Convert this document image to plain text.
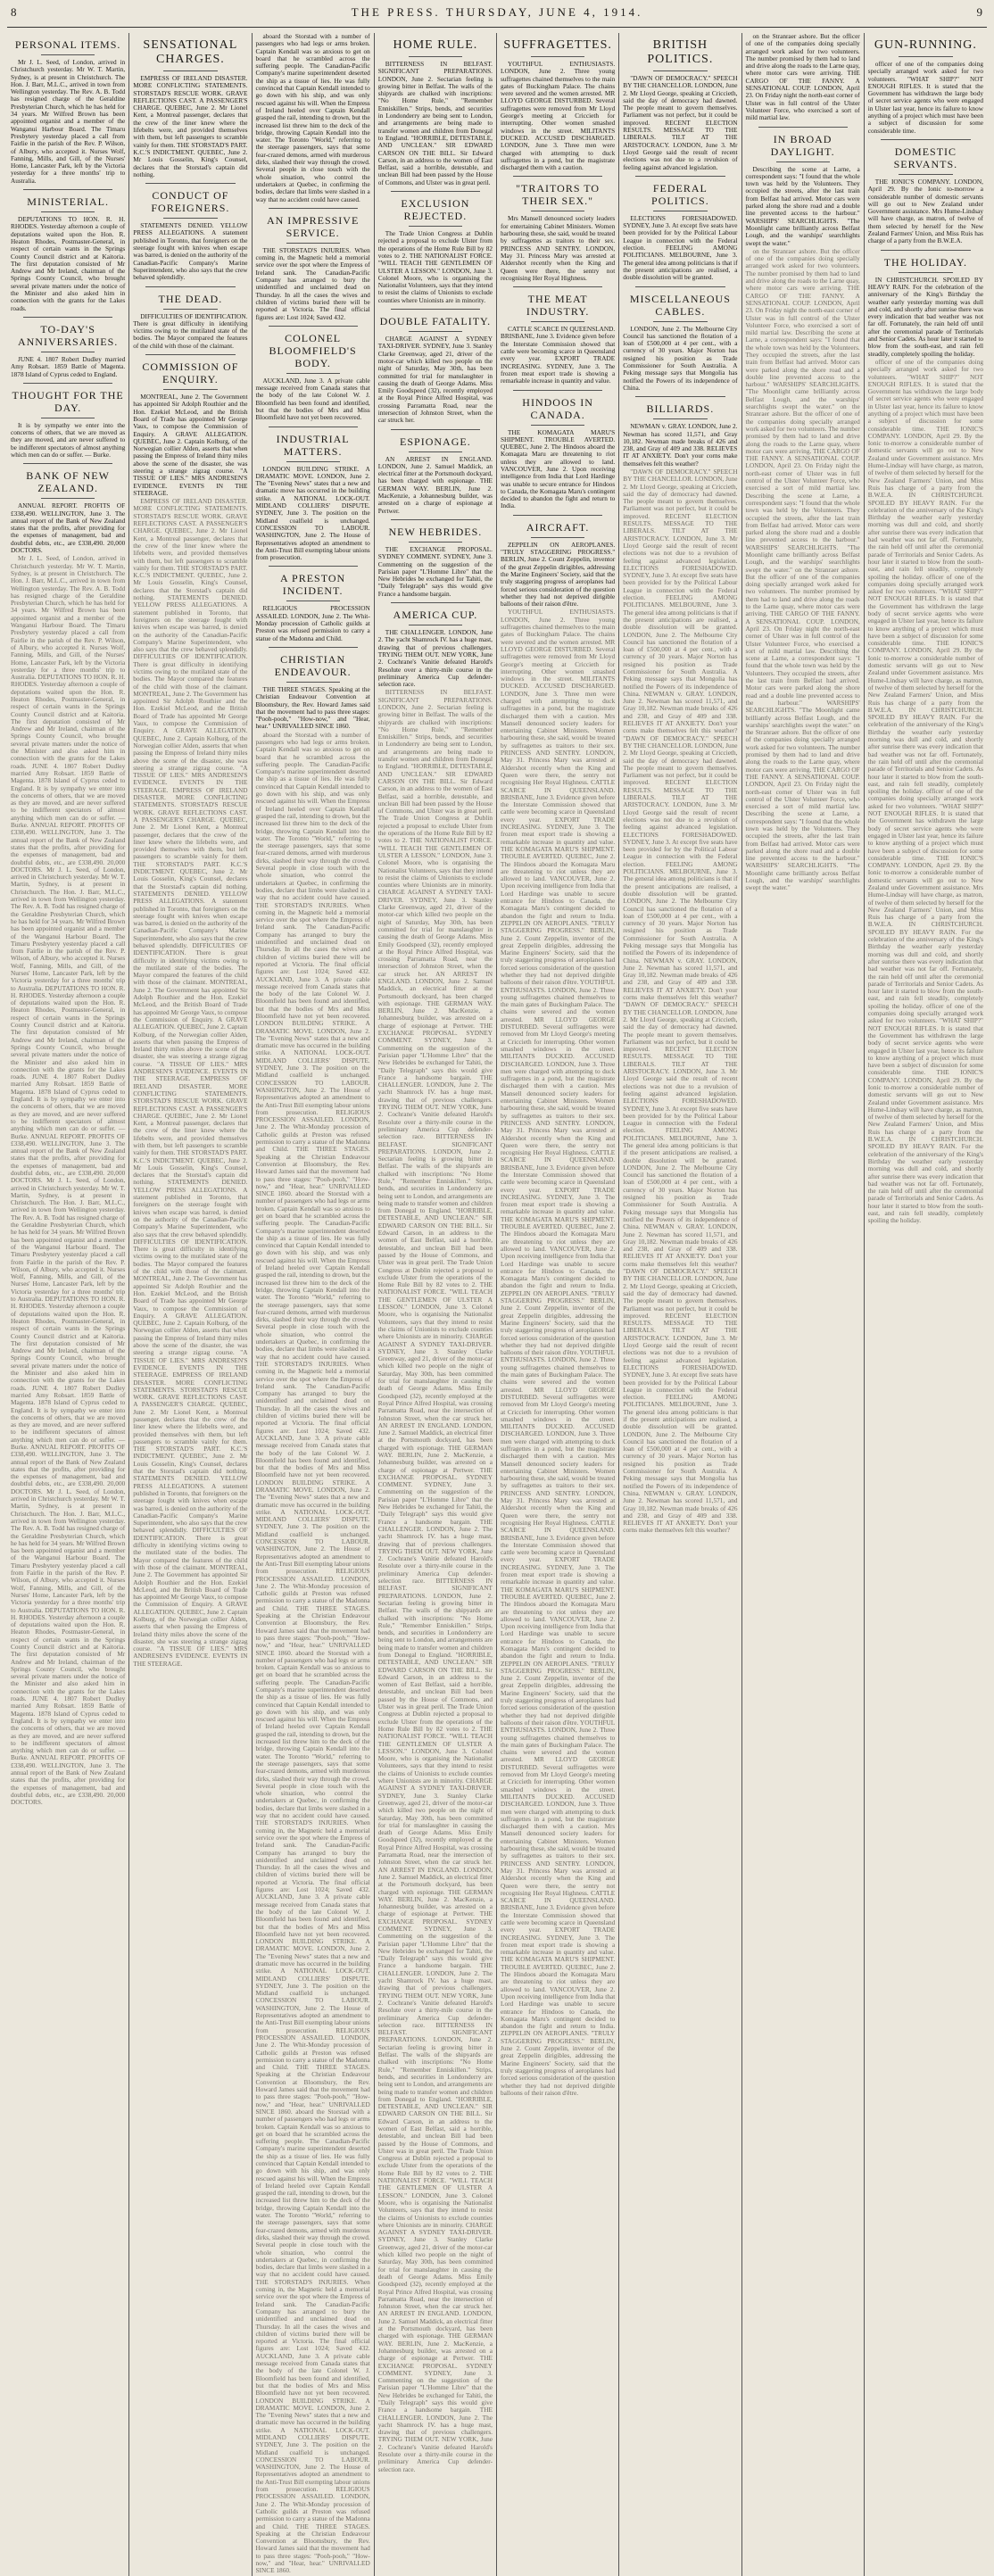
8	THE PRESS. THURSDAY, JUNE 4, 1914.	9
PERSONAL ITEMS.

Mr J. L. Seed, of London, arrived in Christchurch yesterday. Mr W. T. Martin, Sydney, is at present in Christchurch. The Hon. J. Barr, M.L.C., arrived in town from Wellington yesterday. The Rev. A. B. Todd has resigned charge of the Geraldine Presbyterian Church, which he has held for 34 years. Mr Wilfred Brown has been appointed organist and a member of the Wanganui Harbour Board. The Timaru Presbytery yesterday placed a call from Fairlie in the parish of the Rev. P. Wilson, of Albury, who accepted it. Nurses Wolf, Fanning, Mills, and Gill, of the Nurses' Home, Lancaster Park, left by the Victoria yesterday for a three months' trip to Australia.

MINISTERIAL.

DEPUTATIONS TO HON. R. H. RHODES. Yesterday afternoon a couple of deputations waited upon the Hon. R. Heaton Rhodes, Postmaster-General, in respect of certain wants in the Springs County Council district and at Kaitoria. The first deputation consisted of Mr Andrew and Mr Ireland, chairman of the Springs County Council, who brought several private matters under the notice of the Minister and also asked him in connection with the grants for the Lakes roads.

TO-DAY'S ANNIVERSARIES.

JUNE 4. 1807 Robert Dudley married Amy Robsart. 1859 Battle of Magenta. 1878 Island of Cyprus ceded to England.

THOUGHT FOR THE DAY.

It is by sympathy we enter into the concerns of others, that we are moved as they are moved, and are never suffered to be indifferent spectators of almost anything which men can do or suffer. — Burke.

BANK OF NEW ZEALAND.

ANNUAL REPORT. PROFITS OF £338,490. WELLINGTON, June 3. The annual report of the Bank of New Zealand states that the profits, after providing for the expenses of management, bad and doubtful debts, etc., are £338,490. 20,000 DOCTORS.

Mr J. L. Seed, of London, arrived in Christchurch yesterday. Mr W. T. Martin, Sydney, is at present in Christchurch. The Hon. J. Barr, M.L.C., arrived in town from Wellington yesterday. The Rev. A. B. Todd has resigned charge of the Geraldine Presbyterian Church, which he has held for 34 years. Mr Wilfred Brown has been appointed organist and a member of the Wanganui Harbour Board. The Timaru Presbytery yesterday placed a call from Fairlie in the parish of the Rev. P. Wilson, of Albury, who accepted it. Nurses Wolf, Fanning, Mills, and Gill, of the Nurses' Home, Lancaster Park, left by the Victoria yesterday for a three months' trip to Australia. DEPUTATIONS TO HON. R. H. RHODES. Yesterday afternoon a couple of deputations waited upon the Hon. R. Heaton Rhodes, Postmaster-General, in respect of certain wants in the Springs County Council district and at Kaitoria. The first deputation consisted of Mr Andrew and Mr Ireland, chairman of the Springs County Council, who brought several private matters under the notice of the Minister and also asked him in connection with the grants for the Lakes roads. JUNE 4. 1807 Robert Dudley married Amy Robsart. 1859 Battle of Magenta. 1878 Island of Cyprus ceded to England. It is by sympathy we enter into the concerns of others, that we are moved as they are moved, and are never suffered to be indifferent spectators of almost anything which men can do or suffer. — Burke. ANNUAL REPORT. PROFITS OF £338,490. WELLINGTON, June 3. The annual report of the Bank of New Zealand states that the profits, after providing for the expenses of management, bad and doubtful debts, etc., are £338,490. 20,000 DOCTORS. Mr J. L. Seed, of London, arrived in Christchurch yesterday. Mr W. T. Martin, Sydney, is at present in Christchurch. The Hon. J. Barr, M.L.C., arrived in town from Wellington yesterday. The Rev. A. B. Todd has resigned charge of the Geraldine Presbyterian Church, which he has held for 34 years. Mr Wilfred Brown has been appointed organist and a member of the Wanganui Harbour Board. The Timaru Presbytery yesterday placed a call from Fairlie in the parish of the Rev. P. Wilson, of Albury, who accepted it. Nurses Wolf, Fanning, Mills, and Gill, of the Nurses' Home, Lancaster Park, left by the Victoria yesterday for a three months' trip to Australia. DEPUTATIONS TO HON. R. H. RHODES. Yesterday afternoon a couple of deputations waited upon the Hon. R. Heaton Rhodes, Postmaster-General, in respect of certain wants in the Springs County Council district and at Kaitoria. The first deputation consisted of Mr Andrew and Mr Ireland, chairman of the Springs County Council, who brought several private matters under the notice of the Minister and also asked him in connection with the grants for the Lakes roads. JUNE 4. 1807 Robert Dudley married Amy Robsart. 1859 Battle of Magenta. 1878 Island of Cyprus ceded to England. It is by sympathy we enter into the concerns of others, that we are moved as they are moved, and are never suffered to be indifferent spectators of almost anything which men can do or suffer. — Burke. ANNUAL REPORT. PROFITS OF £338,490. WELLINGTON, June 3. The annual report of the Bank of New Zealand states that the profits, after providing for the expenses of management, bad and doubtful debts, etc., are £338,490. 20,000 DOCTORS. Mr J. L. Seed, of London, arrived in Christchurch yesterday. Mr W. T. Martin, Sydney, is at present in Christchurch. The Hon. J. Barr, M.L.C., arrived in town from Wellington yesterday. The Rev. A. B. Todd has resigned charge of the Geraldine Presbyterian Church, which he has held for 34 years. Mr Wilfred Brown has been appointed organist and a member of the Wanganui Harbour Board. The Timaru Presbytery yesterday placed a call from Fairlie in the parish of the Rev. P. Wilson, of Albury, who accepted it. Nurses Wolf, Fanning, Mills, and Gill, of the Nurses' Home, Lancaster Park, left by the Victoria yesterday for a three months' trip to Australia. DEPUTATIONS TO HON. R. H. RHODES. Yesterday afternoon a couple of deputations waited upon the Hon. R. Heaton Rhodes, Postmaster-General, in respect of certain wants in the Springs County Council district and at Kaitoria. The first deputation consisted of Mr Andrew and Mr Ireland, chairman of the Springs County Council, who brought several private matters under the notice of the Minister and also asked him in connection with the grants for the Lakes roads. JUNE 4. 1807 Robert Dudley married Amy Robsart. 1859 Battle of Magenta. 1878 Island of Cyprus ceded to England. It is by sympathy we enter into the concerns of others, that we are moved as they are moved, and are never suffered to be indifferent spectators of almost anything which men can do or suffer. — Burke. ANNUAL REPORT. PROFITS OF £338,490. WELLINGTON, June 3. The annual report of the Bank of New Zealand states that the profits, after providing for the expenses of management, bad and doubtful debts, etc., are £338,490. 20,000 DOCTORS. Mr J. L. Seed, of London, arrived in Christchurch yesterday. Mr W. T. Martin, Sydney, is at present in Christchurch. The Hon. J. Barr, M.L.C., arrived in town from Wellington yesterday. The Rev. A. B. Todd has resigned charge of the Geraldine Presbyterian Church, which he has held for 34 years. Mr Wilfred Brown has been appointed organist and a member of the Wanganui Harbour Board. The Timaru Presbytery yesterday placed a call from Fairlie in the parish of the Rev. P. Wilson, of Albury, who accepted it. Nurses Wolf, Fanning, Mills, and Gill, of the Nurses' Home, Lancaster Park, left by the Victoria yesterday for a three months' trip to Australia. DEPUTATIONS TO HON. R. H. RHODES. Yesterday afternoon a couple of deputations waited upon the Hon. R. Heaton Rhodes, Postmaster-General, in respect of certain wants in the Springs County Council district and at Kaitoria. The first deputation consisted of Mr Andrew and Mr Ireland, chairman of the Springs County Council, who brought several private matters under the notice of the Minister and also asked him in connection with the grants for the Lakes roads. JUNE 4. 1807 Robert Dudley married Amy Robsart. 1859 Battle of Magenta. 1878 Island of Cyprus ceded to England. It is by sympathy we enter into the concerns of others, that we are moved as they are moved, and are never suffered to be indifferent spectators of almost anything which men can do or suffer. — Burke. ANNUAL REPORT. PROFITS OF £338,490. WELLINGTON, June 3. The annual report of the Bank of New Zealand states that the profits, after providing for the expenses of management, bad and doubtful debts, etc., are £338,490. 20,000 DOCTORS.
SENSATIONAL CHARGES.

EMPRESS OF IRELAND DISASTER. MORE CONFLICTING STATEMENTS. STORSTAD'S RESCUE WORK. GRAVE REFLECTIONS CAST. A PASSENGER'S CHARGE. QUEBEC, June 2. Mr Lionel Kent, a Montreal passenger, declares that the crew of the liner knew where the lifebelts were, and provided themselves with them, but left passengers to scramble vainly for them. THE STORSTAD'S PART. K.C.'S INDICTMENT. QUEBEC, June 2. Mr Louis Gosselin, King's Counsel, declares that the Storstad's captain did nothing.

CONDUCT OF FOREIGNERS.

STATEMENTS DENIED. YELLOW PRESS ALLEGATIONS. A statement published in Toronto, that foreigners on the steerage fought with knives when escape was barred, is denied on the authority of the Canadian-Pacific Company's Marine Superintendent, who also says that the crew behaved splendidly.

THE DEAD.

DIFFICULTIES OF IDENTIFICATION. There is great difficulty in identifying victims owing to the mutilated state of the bodies. The Mayor compared the features of the child with those of the claimant.

COMMISSION OF ENQUIRY.

MONTREAL, June 2. The Government has appointed Sir Adolph Routhier and the Hon. Ezekiel McLeod, and the British Board of Trade has appointed Mr George Vaux, to compose the Commission of Enquiry. A GRAVE ALLEGATION. QUEBEC, June 2. Captain Kolburg, of the Norwegian collier Alden, asserts that when passing the Empress of Ireland thirty miles above the scene of the disaster, she was steering a strange zigzag course. "A TISSUE OF LIES." MRS ANDRESEN'S EVIDENCE. EVENTS IN THE STEERAGE.

EMPRESS OF IRELAND DISASTER. MORE CONFLICTING STATEMENTS. STORSTAD'S RESCUE WORK. GRAVE REFLECTIONS CAST. A PASSENGER'S CHARGE. QUEBEC, June 2. Mr Lionel Kent, a Montreal passenger, declares that the crew of the liner knew where the lifebelts were, and provided themselves with them, but left passengers to scramble vainly for them. THE STORSTAD'S PART. K.C.'S INDICTMENT. QUEBEC, June 2. Mr Louis Gosselin, King's Counsel, declares that the Storstad's captain did nothing. STATEMENTS DENIED. YELLOW PRESS ALLEGATIONS. A statement published in Toronto, that foreigners on the steerage fought with knives when escape was barred, is denied on the authority of the Canadian-Pacific Company's Marine Superintendent, who also says that the crew behaved splendidly. DIFFICULTIES OF IDENTIFICATION. There is great difficulty in identifying victims owing to the mutilated state of the bodies. The Mayor compared the features of the child with those of the claimant. MONTREAL, June 2. The Government has appointed Sir Adolph Routhier and the Hon. Ezekiel McLeod, and the British Board of Trade has appointed Mr George Vaux, to compose the Commission of Enquiry. A GRAVE ALLEGATION. QUEBEC, June 2. Captain Kolburg, of the Norwegian collier Alden, asserts that when passing the Empress of Ireland thirty miles above the scene of the disaster, she was steering a strange zigzag course. "A TISSUE OF LIES." MRS ANDRESEN'S EVIDENCE. EVENTS IN THE STEERAGE. EMPRESS OF IRELAND DISASTER. MORE CONFLICTING STATEMENTS. STORSTAD'S RESCUE WORK. GRAVE REFLECTIONS CAST. A PASSENGER'S CHARGE. QUEBEC, June 2. Mr Lionel Kent, a Montreal passenger, declares that the crew of the liner knew where the lifebelts were, and provided themselves with them, but left passengers to scramble vainly for them. THE STORSTAD'S PART. K.C.'S INDICTMENT. QUEBEC, June 2. Mr Louis Gosselin, King's Counsel, declares that the Storstad's captain did nothing. STATEMENTS DENIED. YELLOW PRESS ALLEGATIONS. A statement published in Toronto, that foreigners on the steerage fought with knives when escape was barred, is denied on the authority of the Canadian-Pacific Company's Marine Superintendent, who also says that the crew behaved splendidly. DIFFICULTIES OF IDENTIFICATION. There is great difficulty in identifying victims owing to the mutilated state of the bodies. The Mayor compared the features of the child with those of the claimant. MONTREAL, June 2. The Government has appointed Sir Adolph Routhier and the Hon. Ezekiel McLeod, and the British Board of Trade has appointed Mr George Vaux, to compose the Commission of Enquiry. A GRAVE ALLEGATION. QUEBEC, June 2. Captain Kolburg, of the Norwegian collier Alden, asserts that when passing the Empress of Ireland thirty miles above the scene of the disaster, she was steering a strange zigzag course. "A TISSUE OF LIES." MRS ANDRESEN'S EVIDENCE. EVENTS IN THE STEERAGE. EMPRESS OF IRELAND DISASTER. MORE CONFLICTING STATEMENTS. STORSTAD'S RESCUE WORK. GRAVE REFLECTIONS CAST. A PASSENGER'S CHARGE. QUEBEC, June 2. Mr Lionel Kent, a Montreal passenger, declares that the crew of the liner knew where the lifebelts were, and provided themselves with them, but left passengers to scramble vainly for them. THE STORSTAD'S PART. K.C.'S INDICTMENT. QUEBEC, June 2. Mr Louis Gosselin, King's Counsel, declares that the Storstad's captain did nothing. STATEMENTS DENIED. YELLOW PRESS ALLEGATIONS. A statement published in Toronto, that foreigners on the steerage fought with knives when escape was barred, is denied on the authority of the Canadian-Pacific Company's Marine Superintendent, who also says that the crew behaved splendidly. DIFFICULTIES OF IDENTIFICATION. There is great difficulty in identifying victims owing to the mutilated state of the bodies. The Mayor compared the features of the child with those of the claimant. MONTREAL, June 2. The Government has appointed Sir Adolph Routhier and the Hon. Ezekiel McLeod, and the British Board of Trade has appointed Mr George Vaux, to compose the Commission of Enquiry. A GRAVE ALLEGATION. QUEBEC, June 2. Captain Kolburg, of the Norwegian collier Alden, asserts that when passing the Empress of Ireland thirty miles above the scene of the disaster, she was steering a strange zigzag course. "A TISSUE OF LIES." MRS ANDRESEN'S EVIDENCE. EVENTS IN THE STEERAGE. EMPRESS OF IRELAND DISASTER. MORE CONFLICTING STATEMENTS. STORSTAD'S RESCUE WORK. GRAVE REFLECTIONS CAST. A PASSENGER'S CHARGE. QUEBEC, June 2. Mr Lionel Kent, a Montreal passenger, declares that the crew of the liner knew where the lifebelts were, and provided themselves with them, but left passengers to scramble vainly for them. THE STORSTAD'S PART. K.C.'S INDICTMENT. QUEBEC, June 2. Mr Louis Gosselin, King's Counsel, declares that the Storstad's captain did nothing. STATEMENTS DENIED. YELLOW PRESS ALLEGATIONS. A statement published in Toronto, that foreigners on the steerage fought with knives when escape was barred, is denied on the authority of the Canadian-Pacific Company's Marine Superintendent, who also says that the crew behaved splendidly. DIFFICULTIES OF IDENTIFICATION. There is great difficulty in identifying victims owing to the mutilated state of the bodies. The Mayor compared the features of the child with those of the claimant. MONTREAL, June 2. The Government has appointed Sir Adolph Routhier and the Hon. Ezekiel McLeod, and the British Board of Trade has appointed Mr George Vaux, to compose the Commission of Enquiry. A GRAVE ALLEGATION. QUEBEC, June 2. Captain Kolburg, of the Norwegian collier Alden, asserts that when passing the Empress of Ireland thirty miles above the scene of the disaster, she was steering a strange zigzag course. "A TISSUE OF LIES." MRS ANDRESEN'S EVIDENCE. EVENTS IN THE STEERAGE.

aboard the Storstad with a number of passengers who had legs or arms broken. Captain Kendall was so anxious to get on board that he scrambled across the suffering people. The Canadian-Pacific Company's marine superintendent deserted the ship as a tissue of lies. He was fully convinced that Captain Kendall intended to go down with his ship, and was only rescued against his will. When the Empress of Ireland heeled over Captain Kendall grasped the rail, intending to drown, but the increased list threw him to the deck of the bridge, throwing Captain Kendall into the water. The Toronto "World," referring to the steerage passengers, says that some fear-crazed demons, armed with murderous dirks, slashed their way through the crowd. Several people in close touch with the whole situation, who control the undertakers at Quebec, in confirming the bodies, declare that limbs were slashed in a way that no accident could have caused.

AN IMPRESSIVE SERVICE.

THE STORSTAD'S INJURIES. When coming in, the Magnetic held a memorial service over the spot where the Empress of Ireland sank. The Canadian-Pacific Company has arranged to bury the unidentified and unclaimed dead on Thursday. In all the cases the wives and children of victims buried there will be reported at Victoria. The final official figures are: Lost 1024; Saved 432.

COLONEL BLOOMFIELD'S BODY.

AUCKLAND, June 3. A private cable message received from Canada states that the body of the late Colonel W. J. Bloomfield has been found and identified, but that the bodies of Mrs and Miss Bloomfield have not yet been recovered.

INDUSTRIAL MATTERS.

LONDON BUILDING STRIKE. A DRAMATIC MOVE. LONDON, June 2. The "Evening News" states that a new and dramatic move has occurred in the building strike. A NATIONAL LOCK-OUT. MIDLAND COLLIERS' DISPUTE. SYDNEY, June 3. The position on the Midland coalfield is unchanged. CONCESSION TO LABOUR. WASHINGTON, June 2. The House of Representatives adopted an amendment to the Anti-Trust Bill exempting labour unions from prosecution.

A PRESTON INCIDENT.

RELIGIOUS PROCESSION ASSAILED. LONDON, June 2. The Whit-Monday procession of Catholic guilds at Preston was refused permission to carry a statue of the Madonna and Child.

CHRISTIAN ENDEAVOUR.

THE THREE STAGES. Speaking at the Christian Endeavour Convention at Bloomsbury, the Rev. Howard James said that the movement had to pass three stages: "Pooh-pooh," "How-now," and "Hear, hear." UNRIVALLED SINCE 1860.

aboard the Storstad with a number of passengers who had legs or arms broken. Captain Kendall was so anxious to get on board that he scrambled across the suffering people. The Canadian-Pacific Company's marine superintendent deserted the ship as a tissue of lies. He was fully convinced that Captain Kendall intended to go down with his ship, and was only rescued against his will. When the Empress of Ireland heeled over Captain Kendall grasped the rail, intending to drown, but the increased list threw him to the deck of the bridge, throwing Captain Kendall into the water. The Toronto "World," referring to the steerage passengers, says that some fear-crazed demons, armed with murderous dirks, slashed their way through the crowd. Several people in close touch with the whole situation, who control the undertakers at Quebec, in confirming the bodies, declare that limbs were slashed in a way that no accident could have caused. THE STORSTAD'S INJURIES. When coming in, the Magnetic held a memorial service over the spot where the Empress of Ireland sank. The Canadian-Pacific Company has arranged to bury the unidentified and unclaimed dead on Thursday. In all the cases the wives and children of victims buried there will be reported at Victoria. The final official figures are: Lost 1024; Saved 432. AUCKLAND, June 3. A private cable message received from Canada states that the body of the late Colonel W. J. Bloomfield has been found and identified, but that the bodies of Mrs and Miss Bloomfield have not yet been recovered. LONDON BUILDING STRIKE. A DRAMATIC MOVE. LONDON, June 2. The "Evening News" states that a new and dramatic move has occurred in the building strike. A NATIONAL LOCK-OUT. MIDLAND COLLIERS' DISPUTE. SYDNEY, June 3. The position on the Midland coalfield is unchanged. CONCESSION TO LABOUR. WASHINGTON, June 2. The House of Representatives adopted an amendment to the Anti-Trust Bill exempting labour unions from prosecution. RELIGIOUS PROCESSION ASSAILED. LONDON, June 2. The Whit-Monday procession of Catholic guilds at Preston was refused permission to carry a statue of the Madonna and Child. THE THREE STAGES. Speaking at the Christian Endeavour Convention at Bloomsbury, the Rev. Howard James said that the movement had to pass three stages: "Pooh-pooh," "How-now," and "Hear, hear." UNRIVALLED SINCE 1860. aboard the Storstad with a number of passengers who had legs or arms broken. Captain Kendall was so anxious to get on board that he scrambled across the suffering people. The Canadian-Pacific Company's marine superintendent deserted the ship as a tissue of lies. He was fully convinced that Captain Kendall intended to go down with his ship, and was only rescued against his will. When the Empress of Ireland heeled over Captain Kendall grasped the rail, intending to drown, but the increased list threw him to the deck of the bridge, throwing Captain Kendall into the water. The Toronto "World," referring to the steerage passengers, says that some fear-crazed demons, armed with murderous dirks, slashed their way through the crowd. Several people in close touch with the whole situation, who control the undertakers at Quebec, in confirming the bodies, declare that limbs were slashed in a way that no accident could have caused. THE STORSTAD'S INJURIES. When coming in, the Magnetic held a memorial service over the spot where the Empress of Ireland sank. The Canadian-Pacific Company has arranged to bury the unidentified and unclaimed dead on Thursday. In all the cases the wives and children of victims buried there will be reported at Victoria. The final official figures are: Lost 1024; Saved 432. AUCKLAND, June 3. A private cable message received from Canada states that the body of the late Colonel W. J. Bloomfield has been found and identified, but that the bodies of Mrs and Miss Bloomfield have not yet been recovered. LONDON BUILDING STRIKE. A DRAMATIC MOVE. LONDON, June 2. The "Evening News" states that a new and dramatic move has occurred in the building strike. A NATIONAL LOCK-OUT. MIDLAND COLLIERS' DISPUTE. SYDNEY, June 3. The position on the Midland coalfield is unchanged. CONCESSION TO LABOUR. WASHINGTON, June 2. The House of Representatives adopted an amendment to the Anti-Trust Bill exempting labour unions from prosecution. RELIGIOUS PROCESSION ASSAILED. LONDON, June 2. The Whit-Monday procession of Catholic guilds at Preston was refused permission to carry a statue of the Madonna and Child. THE THREE STAGES. Speaking at the Christian Endeavour Convention at Bloomsbury, the Rev. Howard James said that the movement had to pass three stages: "Pooh-pooh," "How-now," and "Hear, hear." UNRIVALLED SINCE 1860. aboard the Storstad with a number of passengers who had legs or arms broken. Captain Kendall was so anxious to get on board that he scrambled across the suffering people. The Canadian-Pacific Company's marine superintendent deserted the ship as a tissue of lies. He was fully convinced that Captain Kendall intended to go down with his ship, and was only rescued against his will. When the Empress of Ireland heeled over Captain Kendall grasped the rail, intending to drown, but the increased list threw him to the deck of the bridge, throwing Captain Kendall into the water. The Toronto "World," referring to the steerage passengers, says that some fear-crazed demons, armed with murderous dirks, slashed their way through the crowd. Several people in close touch with the whole situation, who control the undertakers at Quebec, in confirming the bodies, declare that limbs were slashed in a way that no accident could have caused. THE STORSTAD'S INJURIES. When coming in, the Magnetic held a memorial service over the spot where the Empress of Ireland sank. The Canadian-Pacific Company has arranged to bury the unidentified and unclaimed dead on Thursday. In all the cases the wives and children of victims buried there will be reported at Victoria. The final official figures are: Lost 1024; Saved 432. AUCKLAND, June 3. A private cable message received from Canada states that the body of the late Colonel W. J. Bloomfield has been found and identified, but that the bodies of Mrs and Miss Bloomfield have not yet been recovered. LONDON BUILDING STRIKE. A DRAMATIC MOVE. LONDON, June 2. The "Evening News" states that a new and dramatic move has occurred in the building strike. A NATIONAL LOCK-OUT. MIDLAND COLLIERS' DISPUTE. SYDNEY, June 3. The position on the Midland coalfield is unchanged. CONCESSION TO LABOUR. WASHINGTON, June 2. The House of Representatives adopted an amendment to the Anti-Trust Bill exempting labour unions from prosecution. RELIGIOUS PROCESSION ASSAILED. LONDON, June 2. The Whit-Monday procession of Catholic guilds at Preston was refused permission to carry a statue of the Madonna and Child. THE THREE STAGES. Speaking at the Christian Endeavour Convention at Bloomsbury, the Rev. Howard James said that the movement had to pass three stages: "Pooh-pooh," "How-now," and "Hear, hear." UNRIVALLED SINCE 1860. aboard the Storstad with a number of passengers who had legs or arms broken. Captain Kendall was so anxious to get on board that he scrambled across the suffering people. The Canadian-Pacific Company's marine superintendent deserted the ship as a tissue of lies. He was fully convinced that Captain Kendall intended to go down with his ship, and was only rescued against his will. When the Empress of Ireland heeled over Captain Kendall grasped the rail, intending to drown, but the increased list threw him to the deck of the bridge, throwing Captain Kendall into the water. The Toronto "World," referring to the steerage passengers, says that some fear-crazed demons, armed with murderous dirks, slashed their way through the crowd. Several people in close touch with the whole situation, who control the undertakers at Quebec, in confirming the bodies, declare that limbs were slashed in a way that no accident could have caused. THE STORSTAD'S INJURIES. When coming in, the Magnetic held a memorial service over the spot where the Empress of Ireland sank. The Canadian-Pacific Company has arranged to bury the unidentified and unclaimed dead on Thursday. In all the cases the wives and children of victims buried there will be reported at Victoria. The final official figures are: Lost 1024; Saved 432. AUCKLAND, June 3. A private cable message received from Canada states that the body of the late Colonel W. J. Bloomfield has been found and identified, but that the bodies of Mrs and Miss Bloomfield have not yet been recovered. LONDON BUILDING STRIKE. A DRAMATIC MOVE. LONDON, June 2. The "Evening News" states that a new and dramatic move has occurred in the building strike. A NATIONAL LOCK-OUT. MIDLAND COLLIERS' DISPUTE. SYDNEY, June 3. The position on the Midland coalfield is unchanged. CONCESSION TO LABOUR. WASHINGTON, June 2. The House of Representatives adopted an amendment to the Anti-Trust Bill exempting labour unions from prosecution. RELIGIOUS PROCESSION ASSAILED. LONDON, June 2. The Whit-Monday procession of Catholic guilds at Preston was refused permission to carry a statue of the Madonna and Child. THE THREE STAGES. Speaking at the Christian Endeavour Convention at Bloomsbury, the Rev. Howard James said that the movement had to pass three stages: "Pooh-pooh," "How-now," and "Hear, hear." UNRIVALLED SINCE 1860.
HOME RULE.

BITTERNESS IN BELFAST. SIGNIFICANT PREPARATIONS. LONDON, June 2. Sectarian feeling is growing bitter in Belfast. The walls of the shipyards are chalked with inscriptions: "No Home Rule," "Remember Enniskillen." Strips, bends, and securities in Londonderry are being sent to London, and arrangements are being made to transfer women and children from Donegal to England. "HORRIBLE, DETESTABLE, AND UNCLEAN." SIR EDWARD CARSON ON THE BILL. Sir Edward Carson, in an address to the women of East Belfast, said a horrible, detestable, and unclean Bill had been passed by the House of Commons, and Ulster was in great peril.

EXCLUSION REJECTED.

The Trade Union Congress at Dublin rejected a proposal to exclude Ulster from the operations of the Home Rule Bill by 82 votes to 2. THE NATIONALIST FORCE. "WILL TEACH THE GENTLEMEN OF ULSTER A LESSON." LONDON, June 3. Colonel Moore, who is organising the Nationalist Volunteers, says that they intend to resist the claims of Unionists to exclude counties where Unionists are in minority.

DOUBLE FATALITY.

CHARGE AGAINST A SYDNEY TAXI-DRIVER. SYDNEY, June 3. Stanley Clarke Greenway, aged 21, driver of the motor-car which killed two people on the night of Saturday, May 30th, has been committed for trial for manslaughter in causing the death of George Adams. Miss Emily Goodspeed (32), recently employed at the Royal Prince Alfred Hospital, was crossing Parramatta Road, near the intersection of Johnston Street, when the car struck her.

ESPIONAGE.

AN ARREST IN ENGLAND. LONDON, June 2. Samuel Maddick, an electrical fitter at the Portsmouth dockyard, has been charged with espionage. THE GERMAN WAY. BERLIN, June 2. MacKenzie, a Johannesburg builder, was arrested on a charge of espionage at Pertwer.

NEW HEBRIDES.

THE EXCHANGE PROPOSAL. SYDNEY COMMENT. SYDNEY, June 3. Commenting on the suggestion of the Parisian paper "L'Homme Libre" that the New Hebrides be exchanged for Tahiti, the "Daily Telegraph" says this would give France a handsome bargain.

AMERICA CUP.

THE CHALLENGER. LONDON, June 2. The yacht Shamrock IV. has a huge mast, drawing that of previous challengers. TRYING THEM OUT. NEW YORK, June 2. Cochrane's Vanitie defeated Harold's Resolute over a thirty-mile course in the preliminary America Cup defender-selection race.

BITTERNESS IN BELFAST. SIGNIFICANT PREPARATIONS. LONDON, June 2. Sectarian feeling is growing bitter in Belfast. The walls of the shipyards are chalked with inscriptions: "No Home Rule," "Remember Enniskillen." Strips, bends, and securities in Londonderry are being sent to London, and arrangements are being made to transfer women and children from Donegal to England. "HORRIBLE, DETESTABLE, AND UNCLEAN." SIR EDWARD CARSON ON THE BILL. Sir Edward Carson, in an address to the women of East Belfast, said a horrible, detestable, and unclean Bill had been passed by the House of Commons, and Ulster was in great peril. The Trade Union Congress at Dublin rejected a proposal to exclude Ulster from the operations of the Home Rule Bill by 82 votes to 2. THE NATIONALIST FORCE. "WILL TEACH THE GENTLEMEN OF ULSTER A LESSON." LONDON, June 3. Colonel Moore, who is organising the Nationalist Volunteers, says that they intend to resist the claims of Unionists to exclude counties where Unionists are in minority. CHARGE AGAINST A SYDNEY TAXI-DRIVER. SYDNEY, June 3. Stanley Clarke Greenway, aged 21, driver of the motor-car which killed two people on the night of Saturday, May 30th, has been committed for trial for manslaughter in causing the death of George Adams. Miss Emily Goodspeed (32), recently employed at the Royal Prince Alfred Hospital, was crossing Parramatta Road, near the intersection of Johnston Street, when the car struck her. AN ARREST IN ENGLAND. LONDON, June 2. Samuel Maddick, an electrical fitter at the Portsmouth dockyard, has been charged with espionage. THE GERMAN WAY. BERLIN, June 2. MacKenzie, a Johannesburg builder, was arrested on a charge of espionage at Pertwer. THE EXCHANGE PROPOSAL. SYDNEY COMMENT. SYDNEY, June 3. Commenting on the suggestion of the Parisian paper "L'Homme Libre" that the New Hebrides be exchanged for Tahiti, the "Daily Telegraph" says this would give France a handsome bargain. THE CHALLENGER. LONDON, June 2. The yacht Shamrock IV. has a huge mast, drawing that of previous challengers. TRYING THEM OUT. NEW YORK, June 2. Cochrane's Vanitie defeated Harold's Resolute over a thirty-mile course in the preliminary America Cup defender-selection race. BITTERNESS IN BELFAST. SIGNIFICANT PREPARATIONS. LONDON, June 2. Sectarian feeling is growing bitter in Belfast. The walls of the shipyards are chalked with inscriptions: "No Home Rule," "Remember Enniskillen." Strips, bends, and securities in Londonderry are being sent to London, and arrangements are being made to transfer women and children from Donegal to England. "HORRIBLE, DETESTABLE, AND UNCLEAN." SIR EDWARD CARSON ON THE BILL. Sir Edward Carson, in an address to the women of East Belfast, said a horrible, detestable, and unclean Bill had been passed by the House of Commons, and Ulster was in great peril. The Trade Union Congress at Dublin rejected a proposal to exclude Ulster from the operations of the Home Rule Bill by 82 votes to 2. THE NATIONALIST FORCE. "WILL TEACH THE GENTLEMEN OF ULSTER A LESSON." LONDON, June 3. Colonel Moore, who is organising the Nationalist Volunteers, says that they intend to resist the claims of Unionists to exclude counties where Unionists are in minority. CHARGE AGAINST A SYDNEY TAXI-DRIVER. SYDNEY, June 3. Stanley Clarke Greenway, aged 21, driver of the motor-car which killed two people on the night of Saturday, May 30th, has been committed for trial for manslaughter in causing the death of George Adams. Miss Emily Goodspeed (32), recently employed at the Royal Prince Alfred Hospital, was crossing Parramatta Road, near the intersection of Johnston Street, when the car struck her. AN ARREST IN ENGLAND. LONDON, June 2. Samuel Maddick, an electrical fitter at the Portsmouth dockyard, has been charged with espionage. THE GERMAN WAY. BERLIN, June 2. MacKenzie, a Johannesburg builder, was arrested on a charge of espionage at Pertwer. THE EXCHANGE PROPOSAL. SYDNEY COMMENT. SYDNEY, June 3. Commenting on the suggestion of the Parisian paper "L'Homme Libre" that the New Hebrides be exchanged for Tahiti, the "Daily Telegraph" says this would give France a handsome bargain. THE CHALLENGER. LONDON, June 2. The yacht Shamrock IV. has a huge mast, drawing that of previous challengers. TRYING THEM OUT. NEW YORK, June 2. Cochrane's Vanitie defeated Harold's Resolute over a thirty-mile course in the preliminary America Cup defender-selection race. BITTERNESS IN BELFAST. SIGNIFICANT PREPARATIONS. LONDON, June 2. Sectarian feeling is growing bitter in Belfast. The walls of the shipyards are chalked with inscriptions: "No Home Rule," "Remember Enniskillen." Strips, bends, and securities in Londonderry are being sent to London, and arrangements are being made to transfer women and children from Donegal to England. "HORRIBLE, DETESTABLE, AND UNCLEAN." SIR EDWARD CARSON ON THE BILL. Sir Edward Carson, in an address to the women of East Belfast, said a horrible, detestable, and unclean Bill had been passed by the House of Commons, and Ulster was in great peril. The Trade Union Congress at Dublin rejected a proposal to exclude Ulster from the operations of the Home Rule Bill by 82 votes to 2. THE NATIONALIST FORCE. "WILL TEACH THE GENTLEMEN OF ULSTER A LESSON." LONDON, June 3. Colonel Moore, who is organising the Nationalist Volunteers, says that they intend to resist the claims of Unionists to exclude counties where Unionists are in minority. CHARGE AGAINST A SYDNEY TAXI-DRIVER. SYDNEY, June 3. Stanley Clarke Greenway, aged 21, driver of the motor-car which killed two people on the night of Saturday, May 30th, has been committed for trial for manslaughter in causing the death of George Adams. Miss Emily Goodspeed (32), recently employed at the Royal Prince Alfred Hospital, was crossing Parramatta Road, near the intersection of Johnston Street, when the car struck her. AN ARREST IN ENGLAND. LONDON, June 2. Samuel Maddick, an electrical fitter at the Portsmouth dockyard, has been charged with espionage. THE GERMAN WAY. BERLIN, June 2. MacKenzie, a Johannesburg builder, was arrested on a charge of espionage at Pertwer. THE EXCHANGE PROPOSAL. SYDNEY COMMENT. SYDNEY, June 3. Commenting on the suggestion of the Parisian paper "L'Homme Libre" that the New Hebrides be exchanged for Tahiti, the "Daily Telegraph" says this would give France a handsome bargain. THE CHALLENGER. LONDON, June 2. The yacht Shamrock IV. has a huge mast, drawing that of previous challengers. TRYING THEM OUT. NEW YORK, June 2. Cochrane's Vanitie defeated Harold's Resolute over a thirty-mile course in the preliminary America Cup defender-selection race. BITTERNESS IN BELFAST. SIGNIFICANT PREPARATIONS. LONDON, June 2. Sectarian feeling is growing bitter in Belfast. The walls of the shipyards are chalked with inscriptions: "No Home Rule," "Remember Enniskillen." Strips, bends, and securities in Londonderry are being sent to London, and arrangements are being made to transfer women and children from Donegal to England. "HORRIBLE, DETESTABLE, AND UNCLEAN." SIR EDWARD CARSON ON THE BILL. Sir Edward Carson, in an address to the women of East Belfast, said a horrible, detestable, and unclean Bill had been passed by the House of Commons, and Ulster was in great peril. The Trade Union Congress at Dublin rejected a proposal to exclude Ulster from the operations of the Home Rule Bill by 82 votes to 2. THE NATIONALIST FORCE. "WILL TEACH THE GENTLEMEN OF ULSTER A LESSON." LONDON, June 3. Colonel Moore, who is organising the Nationalist Volunteers, says that they intend to resist the claims of Unionists to exclude counties where Unionists are in minority. CHARGE AGAINST A SYDNEY TAXI-DRIVER. SYDNEY, June 3. Stanley Clarke Greenway, aged 21, driver of the motor-car which killed two people on the night of Saturday, May 30th, has been committed for trial for manslaughter in causing the death of George Adams. Miss Emily Goodspeed (32), recently employed at the Royal Prince Alfred Hospital, was crossing Parramatta Road, near the intersection of Johnston Street, when the car struck her. AN ARREST IN ENGLAND. LONDON, June 2. Samuel Maddick, an electrical fitter at the Portsmouth dockyard, has been charged with espionage. THE GERMAN WAY. BERLIN, June 2. MacKenzie, a Johannesburg builder, was arrested on a charge of espionage at Pertwer. THE EXCHANGE PROPOSAL. SYDNEY COMMENT. SYDNEY, June 3. Commenting on the suggestion of the Parisian paper "L'Homme Libre" that the New Hebrides be exchanged for Tahiti, the "Daily Telegraph" says this would give France a handsome bargain. THE CHALLENGER. LONDON, June 2. The yacht Shamrock IV. has a huge mast, drawing that of previous challengers. TRYING THEM OUT. NEW YORK, June 2. Cochrane's Vanitie defeated Harold's Resolute over a thirty-mile course in the preliminary America Cup defender-selection race.
SUFFRAGETTES.

YOUTHFUL ENTHUSIASTS. LONDON, June 2. Three young suffragettes chained themselves to the main gates of Buckingham Palace. The chains were severed and the women arrested. MR LLOYD GEORGE DISTURBED. Several suffragettes were removed from Mr Lloyd George's meeting at Criccieth for interrupting. Other women smashed windows in the street. MILITANTS DUCKED. ACCUSED DISCHARGED. LONDON, June 3. Three men were charged with attempting to duck suffragettes in a pond, but the magistrate discharged them with a caution.

"TRAITORS TO THEIR SEX."

Mrs Mansell denounced society leaders for entertaining Cabinet Ministers. Women harbouring these, she said, would be treated by suffragettes as traitors to their sex. PRINCESS AND SENTRY. LONDON, May 31. Princess Mary was arrested at Aldershot recently when the King and Queen were there, the sentry not recognising Her Royal Highness.

THE MEAT INDUSTRY.

CATTLE SCARCE IN QUEENSLAND. BRISBANE, June 3. Evidence given before the Interstate Commission showed that cattle were becoming scarce in Queensland every year. EXPORT TRADE INCREASING. SYDNEY, June 3. The frozen meat export trade is showing a remarkable increase in quantity and value.

HINDOOS IN CANADA.

THE KOMAGATA MARU'S SHIPMENT. TROUBLE AVERTED. QUEBEC, June 2. The Hindoos aboard the Komagata Maru are threatening to riot unless they are allowed to land. VANCOUVER, June 2. Upon receiving intelligence from India that Lord Hardinge was unable to secure entrance for Hindoos to Canada, the Komagata Maru's contingent decided to abandon the fight and return to India.

AIRCRAFT.

ZEPPELIN ON AEROPLANES. "TRULY STAGGERING PROGRESS." BERLIN, June 2. Count Zeppelin, inventor of the great Zeppelin dirigibles, addressing the Marine Engineers' Society, said that the truly staggering progress of aeroplanes had forced serious consideration of the question whether they had not deprived dirigible balloons of their raison d'être.

YOUTHFUL ENTHUSIASTS. LONDON, June 2. Three young suffragettes chained themselves to the main gates of Buckingham Palace. The chains were severed and the women arrested. MR LLOYD GEORGE DISTURBED. Several suffragettes were removed from Mr Lloyd George's meeting at Criccieth for interrupting. Other women smashed windows in the street. MILITANTS DUCKED. ACCUSED DISCHARGED. LONDON, June 3. Three men were charged with attempting to duck suffragettes in a pond, but the magistrate discharged them with a caution. Mrs Mansell denounced society leaders for entertaining Cabinet Ministers. Women harbouring these, she said, would be treated by suffragettes as traitors to their sex. PRINCESS AND SENTRY. LONDON, May 31. Princess Mary was arrested at Aldershot recently when the King and Queen were there, the sentry not recognising Her Royal Highness. CATTLE SCARCE IN QUEENSLAND. BRISBANE, June 3. Evidence given before the Interstate Commission showed that cattle were becoming scarce in Queensland every year. EXPORT TRADE INCREASING. SYDNEY, June 3. The frozen meat export trade is showing a remarkable increase in quantity and value. THE KOMAGATA MARU'S SHIPMENT. TROUBLE AVERTED. QUEBEC, June 2. The Hindoos aboard the Komagata Maru are threatening to riot unless they are allowed to land. VANCOUVER, June 2. Upon receiving intelligence from India that Lord Hardinge was unable to secure entrance for Hindoos to Canada, the Komagata Maru's contingent decided to abandon the fight and return to India. ZEPPELIN ON AEROPLANES. "TRULY STAGGERING PROGRESS." BERLIN, June 2. Count Zeppelin, inventor of the great Zeppelin dirigibles, addressing the Marine Engineers' Society, said that the truly staggering progress of aeroplanes had forced serious consideration of the question whether they had not deprived dirigible balloons of their raison d'être. YOUTHFUL ENTHUSIASTS. LONDON, June 2. Three young suffragettes chained themselves to the main gates of Buckingham Palace. The chains were severed and the women arrested. MR LLOYD GEORGE DISTURBED. Several suffragettes were removed from Mr Lloyd George's meeting at Criccieth for interrupting. Other women smashed windows in the street. MILITANTS DUCKED. ACCUSED DISCHARGED. LONDON, June 3. Three men were charged with attempting to duck suffragettes in a pond, but the magistrate discharged them with a caution. Mrs Mansell denounced society leaders for entertaining Cabinet Ministers. Women harbouring these, she said, would be treated by suffragettes as traitors to their sex. PRINCESS AND SENTRY. LONDON, May 31. Princess Mary was arrested at Aldershot recently when the King and Queen were there, the sentry not recognising Her Royal Highness. CATTLE SCARCE IN QUEENSLAND. BRISBANE, June 3. Evidence given before the Interstate Commission showed that cattle were becoming scarce in Queensland every year. EXPORT TRADE INCREASING. SYDNEY, June 3. The frozen meat export trade is showing a remarkable increase in quantity and value. THE KOMAGATA MARU'S SHIPMENT. TROUBLE AVERTED. QUEBEC, June 2. The Hindoos aboard the Komagata Maru are threatening to riot unless they are allowed to land. VANCOUVER, June 2. Upon receiving intelligence from India that Lord Hardinge was unable to secure entrance for Hindoos to Canada, the Komagata Maru's contingent decided to abandon the fight and return to India. ZEPPELIN ON AEROPLANES. "TRULY STAGGERING PROGRESS." BERLIN, June 2. Count Zeppelin, inventor of the great Zeppelin dirigibles, addressing the Marine Engineers' Society, said that the truly staggering progress of aeroplanes had forced serious consideration of the question whether they had not deprived dirigible balloons of their raison d'être. YOUTHFUL ENTHUSIASTS. LONDON, June 2. Three young suffragettes chained themselves to the main gates of Buckingham Palace. The chains were severed and the women arrested. MR LLOYD GEORGE DISTURBED. Several suffragettes were removed from Mr Lloyd George's meeting at Criccieth for interrupting. Other women smashed windows in the street. MILITANTS DUCKED. ACCUSED DISCHARGED. LONDON, June 3. Three men were charged with attempting to duck suffragettes in a pond, but the magistrate discharged them with a caution. Mrs Mansell denounced society leaders for entertaining Cabinet Ministers. Women harbouring these, she said, would be treated by suffragettes as traitors to their sex. PRINCESS AND SENTRY. LONDON, May 31. Princess Mary was arrested at Aldershot recently when the King and Queen were there, the sentry not recognising Her Royal Highness. CATTLE SCARCE IN QUEENSLAND. BRISBANE, June 3. Evidence given before the Interstate Commission showed that cattle were becoming scarce in Queensland every year. EXPORT TRADE INCREASING. SYDNEY, June 3. The frozen meat export trade is showing a remarkable increase in quantity and value. THE KOMAGATA MARU'S SHIPMENT. TROUBLE AVERTED. QUEBEC, June 2. The Hindoos aboard the Komagata Maru are threatening to riot unless they are allowed to land. VANCOUVER, June 2. Upon receiving intelligence from India that Lord Hardinge was unable to secure entrance for Hindoos to Canada, the Komagata Maru's contingent decided to abandon the fight and return to India. ZEPPELIN ON AEROPLANES. "TRULY STAGGERING PROGRESS." BERLIN, June 2. Count Zeppelin, inventor of the great Zeppelin dirigibles, addressing the Marine Engineers' Society, said that the truly staggering progress of aeroplanes had forced serious consideration of the question whether they had not deprived dirigible balloons of their raison d'être. YOUTHFUL ENTHUSIASTS. LONDON, June 2. Three young suffragettes chained themselves to the main gates of Buckingham Palace. The chains were severed and the women arrested. MR LLOYD GEORGE DISTURBED. Several suffragettes were removed from Mr Lloyd George's meeting at Criccieth for interrupting. Other women smashed windows in the street. MILITANTS DUCKED. ACCUSED DISCHARGED. LONDON, June 3. Three men were charged with attempting to duck suffragettes in a pond, but the magistrate discharged them with a caution. Mrs Mansell denounced society leaders for entertaining Cabinet Ministers. Women harbouring these, she said, would be treated by suffragettes as traitors to their sex. PRINCESS AND SENTRY. LONDON, May 31. Princess Mary was arrested at Aldershot recently when the King and Queen were there, the sentry not recognising Her Royal Highness. CATTLE SCARCE IN QUEENSLAND. BRISBANE, June 3. Evidence given before the Interstate Commission showed that cattle were becoming scarce in Queensland every year. EXPORT TRADE INCREASING. SYDNEY, June 3. The frozen meat export trade is showing a remarkable increase in quantity and value. THE KOMAGATA MARU'S SHIPMENT. TROUBLE AVERTED. QUEBEC, June 2. The Hindoos aboard the Komagata Maru are threatening to riot unless they are allowed to land. VANCOUVER, June 2. Upon receiving intelligence from India that Lord Hardinge was unable to secure entrance for Hindoos to Canada, the Komagata Maru's contingent decided to abandon the fight and return to India. ZEPPELIN ON AEROPLANES. "TRULY STAGGERING PROGRESS." BERLIN, June 2. Count Zeppelin, inventor of the great Zeppelin dirigibles, addressing the Marine Engineers' Society, said that the truly staggering progress of aeroplanes had forced serious consideration of the question whether they had not deprived dirigible balloons of their raison d'être.
BRITISH POLITICS.

"DAWN OF DEMOCRACY." SPEECH BY THE CHANCELLOR. LONDON, June 2. Mr Lloyd George, speaking at Criccieth, said the day of democracy had dawned. The people meant to govern themselves. Parliament was not perfect, but it could be improved. RECENT ELECTION RESULTS. MESSAGE TO THE LIBERALS. TILT AT THE ARISTOCRACY. LONDON, June 3. Mr Lloyd George said the result of recent elections was not due to a revulsion of feeling against advanced legislation.

FEDERAL POLITICS.

ELECTIONS FORESHADOWED. SYDNEY, June 3. At except five seats have been provided for by the Political Labour League in connection with the Federal election. FEELING AMONG POLITICIANS. MELBOURNE, June 3. The general idea among politicians is that if the present anticipations are realised, a double dissolution will be granted.

MISCELLANEOUS CABLES.

LONDON, June 2. The Melbourne City Council has sanctioned the flotation of a loan of £500,000 at 4 per cent., with a currency of 30 years. Major Norton has resigned his position as Trade Commissioner for South Australia. A Peking message says that Mongolia has notified the Powers of its independence of China.

BILLIARDS.

NEWMAN v. GRAY. LONDON, June 2. Newman has scored 11,571, and Gray 10,182. Newman made breaks of 426 and 238, and Gray of 409 and 338. RELIEVES IT AT ANXIETY. Don't your corns make themselves felt this weather?

"DAWN OF DEMOCRACY." SPEECH BY THE CHANCELLOR. LONDON, June 2. Mr Lloyd George, speaking at Criccieth, said the day of democracy had dawned. The people meant to govern themselves. Parliament was not perfect, but it could be improved. RECENT ELECTION RESULTS. MESSAGE TO THE LIBERALS. TILT AT THE ARISTOCRACY. LONDON, June 3. Mr Lloyd George said the result of recent elections was not due to a revulsion of feeling against advanced legislation. ELECTIONS FORESHADOWED. SYDNEY, June 3. At except five seats have been provided for by the Political Labour League in connection with the Federal election. FEELING AMONG POLITICIANS. MELBOURNE, June 3. The general idea among politicians is that if the present anticipations are realised, a double dissolution will be granted. LONDON, June 2. The Melbourne City Council has sanctioned the flotation of a loan of £500,000 at 4 per cent., with a currency of 30 years. Major Norton has resigned his position as Trade Commissioner for South Australia. A Peking message says that Mongolia has notified the Powers of its independence of China. NEWMAN v. GRAY. LONDON, June 2. Newman has scored 11,571, and Gray 10,182. Newman made breaks of 426 and 238, and Gray of 409 and 338. RELIEVES IT AT ANXIETY. Don't your corns make themselves felt this weather? "DAWN OF DEMOCRACY." SPEECH BY THE CHANCELLOR. LONDON, June 2. Mr Lloyd George, speaking at Criccieth, said the day of democracy had dawned. The people meant to govern themselves. Parliament was not perfect, but it could be improved. RECENT ELECTION RESULTS. MESSAGE TO THE LIBERALS. TILT AT THE ARISTOCRACY. LONDON, June 3. Mr Lloyd George said the result of recent elections was not due to a revulsion of feeling against advanced legislation. ELECTIONS FORESHADOWED. SYDNEY, June 3. At except five seats have been provided for by the Political Labour League in connection with the Federal election. FEELING AMONG POLITICIANS. MELBOURNE, June 3. The general idea among politicians is that if the present anticipations are realised, a double dissolution will be granted. LONDON, June 2. The Melbourne City Council has sanctioned the flotation of a loan of £500,000 at 4 per cent., with a currency of 30 years. Major Norton has resigned his position as Trade Commissioner for South Australia. A Peking message says that Mongolia has notified the Powers of its independence of China. NEWMAN v. GRAY. LONDON, June 2. Newman has scored 11,571, and Gray 10,182. Newman made breaks of 426 and 238, and Gray of 409 and 338. RELIEVES IT AT ANXIETY. Don't your corns make themselves felt this weather? "DAWN OF DEMOCRACY." SPEECH BY THE CHANCELLOR. LONDON, June 2. Mr Lloyd George, speaking at Criccieth, said the day of democracy had dawned. The people meant to govern themselves. Parliament was not perfect, but it could be improved. RECENT ELECTION RESULTS. MESSAGE TO THE LIBERALS. TILT AT THE ARISTOCRACY. LONDON, June 3. Mr Lloyd George said the result of recent elections was not due to a revulsion of feeling against advanced legislation. ELECTIONS FORESHADOWED. SYDNEY, June 3. At except five seats have been provided for by the Political Labour League in connection with the Federal election. FEELING AMONG POLITICIANS. MELBOURNE, June 3. The general idea among politicians is that if the present anticipations are realised, a double dissolution will be granted. LONDON, June 2. The Melbourne City Council has sanctioned the flotation of a loan of £500,000 at 4 per cent., with a currency of 30 years. Major Norton has resigned his position as Trade Commissioner for South Australia. A Peking message says that Mongolia has notified the Powers of its independence of China. NEWMAN v. GRAY. LONDON, June 2. Newman has scored 11,571, and Gray 10,182. Newman made breaks of 426 and 238, and Gray of 409 and 338. RELIEVES IT AT ANXIETY. Don't your corns make themselves felt this weather? "DAWN OF DEMOCRACY." SPEECH BY THE CHANCELLOR. LONDON, June 2. Mr Lloyd George, speaking at Criccieth, said the day of democracy had dawned. The people meant to govern themselves. Parliament was not perfect, but it could be improved. RECENT ELECTION RESULTS. MESSAGE TO THE LIBERALS. TILT AT THE ARISTOCRACY. LONDON, June 3. Mr Lloyd George said the result of recent elections was not due to a revulsion of feeling against advanced legislation. ELECTIONS FORESHADOWED. SYDNEY, June 3. At except five seats have been provided for by the Political Labour League in connection with the Federal election. FEELING AMONG POLITICIANS. MELBOURNE, June 3. The general idea among politicians is that if the present anticipations are realised, a double dissolution will be granted. LONDON, June 2. The Melbourne City Council has sanctioned the flotation of a loan of £500,000 at 4 per cent., with a currency of 30 years. Major Norton has resigned his position as Trade Commissioner for South Australia. A Peking message says that Mongolia has notified the Powers of its independence of China. NEWMAN v. GRAY. LONDON, June 2. Newman has scored 11,571, and Gray 10,182. Newman made breaks of 426 and 238, and Gray of 409 and 338. RELIEVES IT AT ANXIETY. Don't your corns make themselves felt this weather?

on the Stranraer ashore. But the officer of one of the companies doing specially arranged work asked for two volunteers. The number promised by them had to land and drive along the roads to the Larne quay, where motor cars were arriving. THE CARGO OF THE FANNY. A SENSATIONAL COUP. LONDON, April 23. On Friday night the north-east corner of Ulster was in full control of the Ulster Volunteer Force, who exercised a sort of mild martial law.

IN BROAD DAYLIGHT.

Describing the scene at Larne, a correspondent says: "I found that the whole town was held by the Volunteers. They occupied the streets, after the last train from Belfast had arrived. Motor cars were parked along the shore road and a double line prevented access to the harbour." WARSHIPS' SEARCHLIGHTS. "The Moonlight came brilliantly across Belfast Lough, and the warships' searchlights swept the water."

on the Stranraer ashore. But the officer of one of the companies doing specially arranged work asked for two volunteers. The number promised by them had to land and drive along the roads to the Larne quay, where motor cars were arriving. THE CARGO OF THE FANNY. A SENSATIONAL COUP. LONDON, April 23. On Friday night the north-east corner of Ulster was in full control of the Ulster Volunteer Force, who exercised a sort of mild martial law. Describing the scene at Larne, a correspondent says: "I found that the whole town was held by the Volunteers. They occupied the streets, after the last train from Belfast had arrived. Motor cars were parked along the shore road and a double line prevented access to the harbour." WARSHIPS' SEARCHLIGHTS. "The Moonlight came brilliantly across Belfast Lough, and the warships' searchlights swept the water." on the Stranraer ashore. But the officer of one of the companies doing specially arranged work asked for two volunteers. The number promised by them had to land and drive along the roads to the Larne quay, where motor cars were arriving. THE CARGO OF THE FANNY. A SENSATIONAL COUP. LONDON, April 23. On Friday night the north-east corner of Ulster was in full control of the Ulster Volunteer Force, who exercised a sort of mild martial law. Describing the scene at Larne, a correspondent says: "I found that the whole town was held by the Volunteers. They occupied the streets, after the last train from Belfast had arrived. Motor cars were parked along the shore road and a double line prevented access to the harbour." WARSHIPS' SEARCHLIGHTS. "The Moonlight came brilliantly across Belfast Lough, and the warships' searchlights swept the water." on the Stranraer ashore. But the officer of one of the companies doing specially arranged work asked for two volunteers. The number promised by them had to land and drive along the roads to the Larne quay, where motor cars were arriving. THE CARGO OF THE FANNY. A SENSATIONAL COUP. LONDON, April 23. On Friday night the north-east corner of Ulster was in full control of the Ulster Volunteer Force, who exercised a sort of mild martial law. Describing the scene at Larne, a correspondent says: "I found that the whole town was held by the Volunteers. They occupied the streets, after the last train from Belfast had arrived. Motor cars were parked along the shore road and a double line prevented access to the harbour." WARSHIPS' SEARCHLIGHTS. "The Moonlight came brilliantly across Belfast Lough, and the warships' searchlights swept the water." on the Stranraer ashore. But the officer of one of the companies doing specially arranged work asked for two volunteers. The number promised by them had to land and drive along the roads to the Larne quay, where motor cars were arriving. THE CARGO OF THE FANNY. A SENSATIONAL COUP. LONDON, April 23. On Friday night the north-east corner of Ulster was in full control of the Ulster Volunteer Force, who exercised a sort of mild martial law. Describing the scene at Larne, a correspondent says: "I found that the whole town was held by the Volunteers. They occupied the streets, after the last train from Belfast had arrived. Motor cars were parked along the shore road and a double line prevented access to the harbour." WARSHIPS' SEARCHLIGHTS. "The Moonlight came brilliantly across Belfast Lough, and the warships' searchlights swept the water."
GUN-RUNNING.

officer of one of the companies doing specially arranged work asked for two volunteers. "WHAT SHIP?" NOT ENOUGH RIFLES. It is stated that the Government has withdrawn the large body of secret service agents who were engaged in Ulster last year, hence its failure to know anything of a project which must have been a subject of discussion for some considerable time.

DOMESTIC SERVANTS.

THE IONIC'S COMPANY. LONDON, April 29. By the Ionic to-morrow a considerable number of domestic servants will go out to New Zealand under Government assistance. Mrs Hume-Lindsay will have charge, as matron, of twelve of them selected by herself for the New Zealand Farmers' Union, and Miss Ruis has charge of a party from the B.W.E.A.

THE HOLIDAY.

IN CHRISTCHURCH. SPOILED BY HEAVY RAIN. For the celebration of the anniversary of the King's Birthday the weather early yesterday morning was dull and cold, and shortly after sunrise there was every indication that bad weather was not far off. Fortunately, the rain held off until after the ceremonial parade of Territorials and Senior Cadets. As hour later it started to blow from the south-east, and rain fell steadily, completely spoiling the holiday.

officer of one of the companies doing specially arranged work asked for two volunteers. "WHAT SHIP?" NOT ENOUGH RIFLES. It is stated that the Government has withdrawn the large body of secret service agents who were engaged in Ulster last year, hence its failure to know anything of a project which must have been a subject of discussion for some considerable time. THE IONIC'S COMPANY. LONDON, April 29. By the Ionic to-morrow a considerable number of domestic servants will go out to New Zealand under Government assistance. Mrs Hume-Lindsay will have charge, as matron, of twelve of them selected by herself for the New Zealand Farmers' Union, and Miss Ruis has charge of a party from the B.W.E.A. IN CHRISTCHURCH. SPOILED BY HEAVY RAIN. For the celebration of the anniversary of the King's Birthday the weather early yesterday morning was dull and cold, and shortly after sunrise there was every indication that bad weather was not far off. Fortunately, the rain held off until after the ceremonial parade of Territorials and Senior Cadets. As hour later it started to blow from the south-east, and rain fell steadily, completely spoiling the holiday. officer of one of the companies doing specially arranged work asked for two volunteers. "WHAT SHIP?" NOT ENOUGH RIFLES. It is stated that the Government has withdrawn the large body of secret service agents who were engaged in Ulster last year, hence its failure to know anything of a project which must have been a subject of discussion for some considerable time. THE IONIC'S COMPANY. LONDON, April 29. By the Ionic to-morrow a considerable number of domestic servants will go out to New Zealand under Government assistance. Mrs Hume-Lindsay will have charge, as matron, of twelve of them selected by herself for the New Zealand Farmers' Union, and Miss Ruis has charge of a party from the B.W.E.A. IN CHRISTCHURCH. SPOILED BY HEAVY RAIN. For the celebration of the anniversary of the King's Birthday the weather early yesterday morning was dull and cold, and shortly after sunrise there was every indication that bad weather was not far off. Fortunately, the rain held off until after the ceremonial parade of Territorials and Senior Cadets. As hour later it started to blow from the south-east, and rain fell steadily, completely spoiling the holiday. officer of one of the companies doing specially arranged work asked for two volunteers. "WHAT SHIP?" NOT ENOUGH RIFLES. It is stated that the Government has withdrawn the large body of secret service agents who were engaged in Ulster last year, hence its failure to know anything of a project which must have been a subject of discussion for some considerable time. THE IONIC'S COMPANY. LONDON, April 29. By the Ionic to-morrow a considerable number of domestic servants will go out to New Zealand under Government assistance. Mrs Hume-Lindsay will have charge, as matron, of twelve of them selected by herself for the New Zealand Farmers' Union, and Miss Ruis has charge of a party from the B.W.E.A. IN CHRISTCHURCH. SPOILED BY HEAVY RAIN. For the celebration of the anniversary of the King's Birthday the weather early yesterday morning was dull and cold, and shortly after sunrise there was every indication that bad weather was not far off. Fortunately, the rain held off until after the ceremonial parade of Territorials and Senior Cadets. As hour later it started to blow from the south-east, and rain fell steadily, completely spoiling the holiday. officer of one of the companies doing specially arranged work asked for two volunteers. "WHAT SHIP?" NOT ENOUGH RIFLES. It is stated that the Government has withdrawn the large body of secret service agents who were engaged in Ulster last year, hence its failure to know anything of a project which must have been a subject of discussion for some considerable time. THE IONIC'S COMPANY. LONDON, April 29. By the Ionic to-morrow a considerable number of domestic servants will go out to New Zealand under Government assistance. Mrs Hume-Lindsay will have charge, as matron, of twelve of them selected by herself for the New Zealand Farmers' Union, and Miss Ruis has charge of a party from the B.W.E.A. IN CHRISTCHURCH. SPOILED BY HEAVY RAIN. For the celebration of the anniversary of the King's Birthday the weather early yesterday morning was dull and cold, and shortly after sunrise there was every indication that bad weather was not far off. Fortunately, the rain held off until after the ceremonial parade of Territorials and Senior Cadets. As hour later it started to blow from the south-east, and rain fell steadily, completely spoiling the holiday.
